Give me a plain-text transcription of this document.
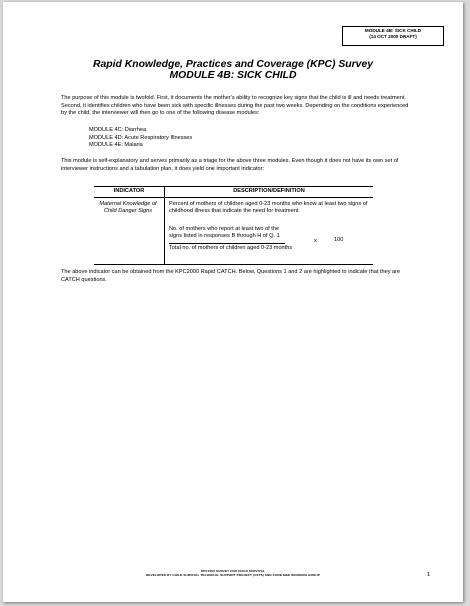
MODULE 4B: SICK CHILD
(14 OCT 2000 DRAFT)
Rapid Knowledge, Practices and Coverage (KPC) Survey
MODULE 4B: SICK CHILD
The purpose of this module is twofold. First, it documents the mother's ability to recognize key signs that the child is ill and needs treatment. Second, it identifies children who have been sick with specific illnesses during the past two weeks. Depending on the conditions experienced by the child, the interviewer will then go to one of the following disease modules:
MODULE 4C: Diarrhea
MODULE 4D: Acute Respiratory Illnesses
MODULE 4E: Malaria
This module is self-explanatory and serves primarily as a triage for the above three modules. Even though it does not have its own set of interviewer instructions and a tabulation plan, it does yield one important indicator:
INDICATOR	DESCRIPTION/DEFINITION
Maternal Knowledge of Child Danger Signs	Percent of mothers of children aged 0-23 months who know at least two signs of childhood illness that indicate the need for treatment
No. of mothers who report at least two of the signs listed in responses B through H of Q. 1
Total no. of mothers of children aged 0-23 months
x 100
The above indicator can be obtained from the KPC2000 Rapid CATCH. Below, Questions 1 and 2 are highlighted to indicate that they are CATCH questions.
KPC2000 SURVEY FOR CHILD SURVIVAL
DEVELOPED BY CHILD SURVIVAL TECHNICAL SUPPORT PROJECT (CSTS) AND CORE M&E WORKING GROUP	1
